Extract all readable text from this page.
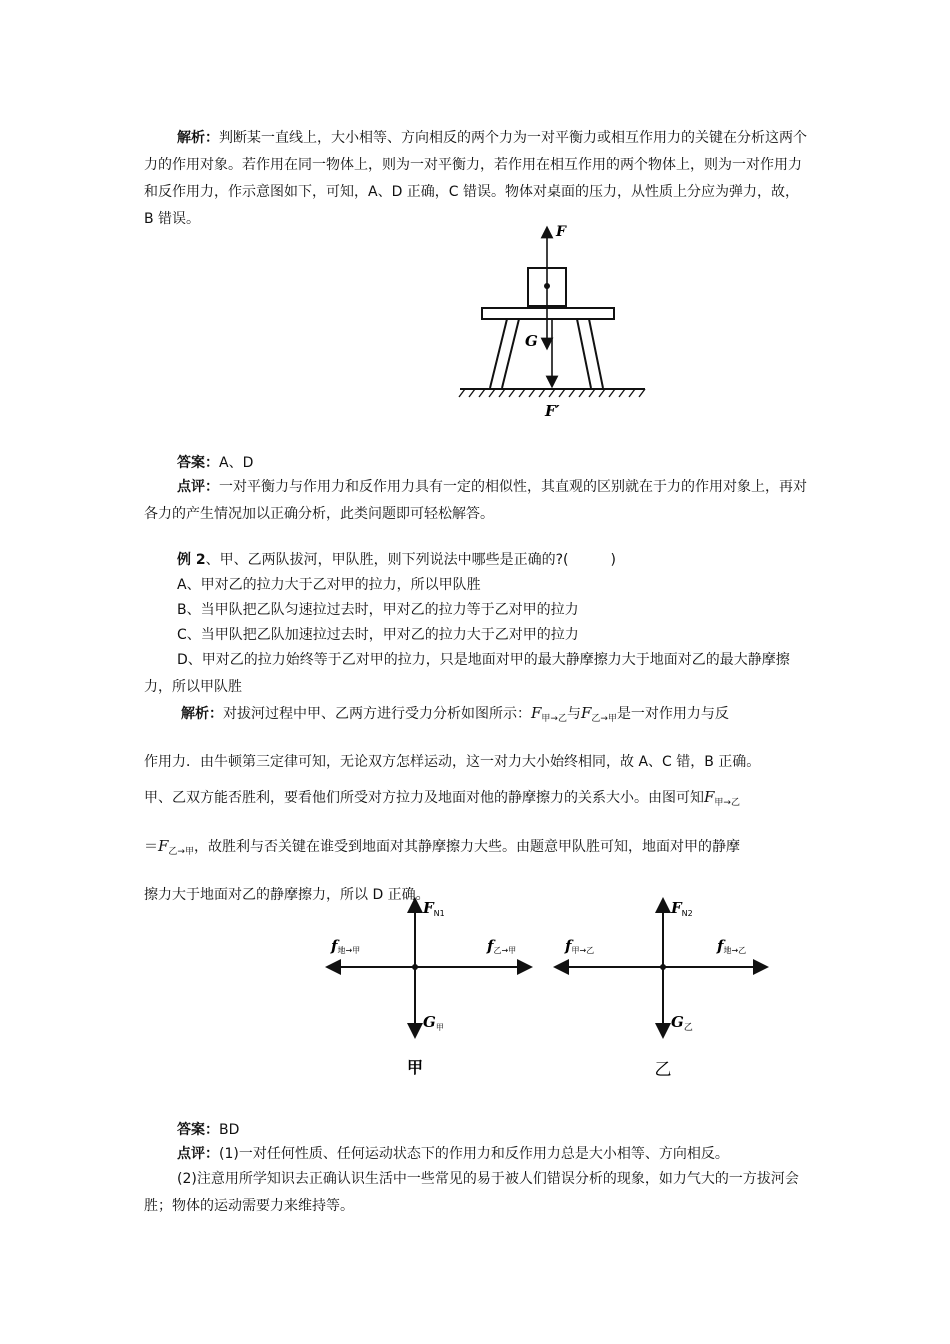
解析：判断某一直线上，大小相等、方向相反的两个力为一对平衡力或相互作用力的关键在分析这两个力的作用对象。若作用在同一物体上，则为一对平衡力，若作用在相互作用的两个物体上，则为一对作用力和反作用力，作示意图如下，可知，A、D 正确，C 错误。物体对桌面的压力，从性质上分应为弹力，故，B 错误。

F
G
F′

答案：A、D

点评：一对平衡力与作用力和反作用力具有一定的相似性，其直观的区别就在于力的作用对象上，再对各力的产生情况加以正确分析，此类问题即可轻松解答。

例 2、甲、乙两队拔河，甲队胜，则下列说法中哪些是正确的?(　　　)

A、甲对乙的拉力大于乙对甲的拉力，所以甲队胜

B、当甲队把乙队匀速拉过去时，甲对乙的拉力等于乙对甲的拉力

C、当甲队把乙队加速拉过去时，甲对乙的拉力大于乙对甲的拉力

D、甲对乙的拉力始终等于乙对甲的拉力，只是地面对甲的最大静摩擦力大于地面对乙的最大静摩擦力，所以甲队胜

解析：对拔河过程中甲、乙两方进行受力分析如图所示：$F_{甲\to 乙}$与$F_{乙\to 甲}$是一对作用力与反
作用力．由牛顿第三定律可知，无论双方怎样运动，这一对力大小始终相同，故 A、C 错，B 正确。
甲、乙双方能否胜利，要看他们所受对方拉力及地面对他的静摩擦力的关系大小。由图可知$F_{甲\to 乙}$
$=F_{乙\to 甲}$，故胜利与否关键在谁受到地面对其静摩擦力大些。由题意甲队胜可知，地面对甲的静摩
擦力大于地面对乙的静摩擦力，所以 D 正确。
$F_{N1}$
f地→甲	f乙→甲
$G_甲$
甲
$F_{N2}$
f甲→乙	f地→乙
$G_乙$
乙

答案：BD

点评：(1)一对任何性质、任何运动状态下的作用力和反作用力总是大小相等、方向相反。

(2)注意用所学知识去正确认识生活中一些常见的易于被人们错误分析的现象，如力气大的一方拔河会胜；物体的运动需要力来维持等。
